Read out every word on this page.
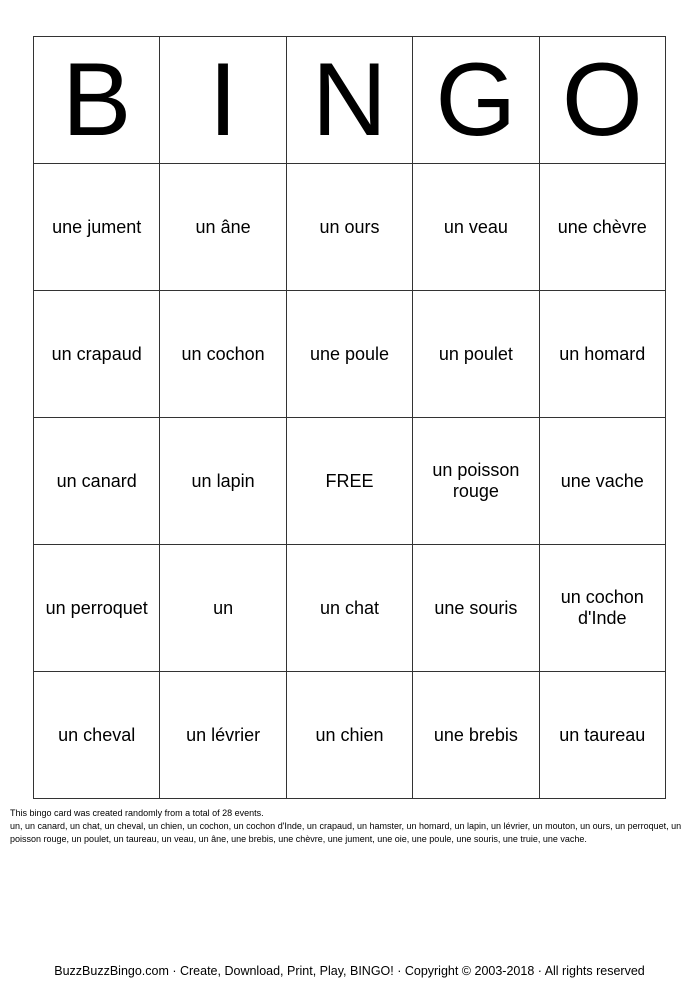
B	I	N	G	O
une jument	un âne	un ours	un veau	une chèvre
un crapaud	un cochon	une poule	un poulet	un homard
un canard	un lapin	FREE	un poisson rouge	une vache
un perroquet	un	un chat	une souris	un cochon d'Inde
un cheval	un lévrier	un chien	une brebis	un taureau
This bingo card was created randomly from a total of 28 events.
un, un canard, un chat, un cheval, un chien, un cochon, un cochon d'Inde, un crapaud, un hamster, un homard, un lapin, un lévrier, un mouton, un ours, un perroquet, un poisson rouge, un poulet, un taureau, un veau, un âne, une brebis, une chèvre, une jument, une oie, une poule, une souris, une truie, une vache.
BuzzBuzzBingo.com · Create, Download, Print, Play, BINGO! · Copyright © 2003-2018 · All rights reserved
